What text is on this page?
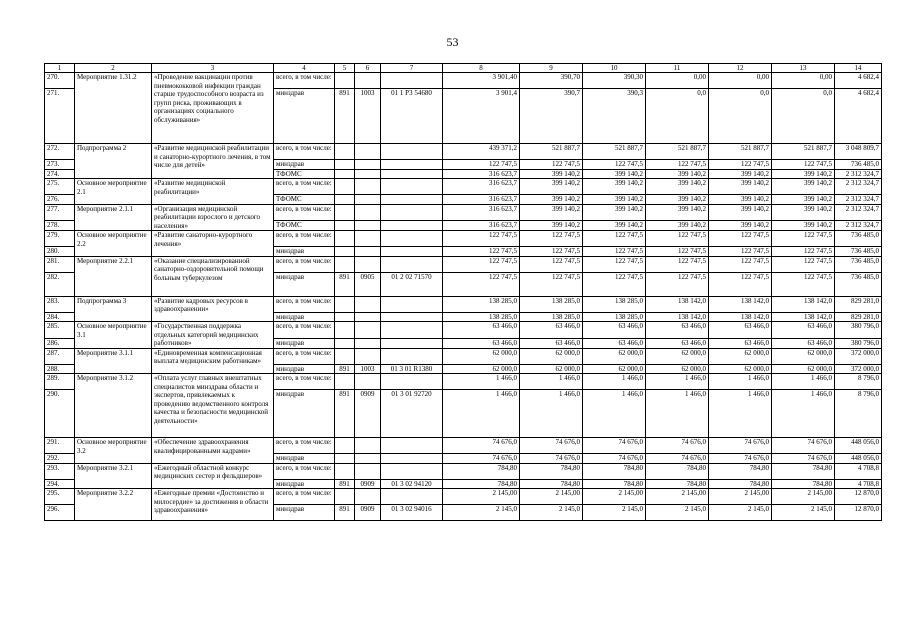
53
1	2	3	4	5	6	7	8	9	10	11	12	13	14
270.	Мероприятие 1.31.2	«Проведение вакцинации против пневмококковой инфекции граждан старше трудоспособного возраста из групп риска, проживающих в организациях социального обслуживания»	всего, в том числе:				3 901,40	390,70	390,30	0,00	0,00	0,00	4 682,4
271.			минздрав	891	1003	01 1 P3 54680	3 901,4	390,7	390,3	0,0	0,0	0,0	4 682,4
272.	Подпрограмма 2	«Развитие медицинской реабилитации и санаторно-курортного лечения, в том числе для детей»	всего, в том числе:				439 371,2	521 887,7	521 887,7	521 887,7	521 887,7	521 887,7	3 048 809,7
273.			минздрав				122 747,5	122 747,5	122 747,5	122 747,5	122 747,5	122 747,5	736 485,0
274.			ТФОМС				316 623,7	399 140,2	399 140,2	399 140,2	399 140,2	399 140,2	2 312 324,7
275.	Основное мероприятие 2.1	«Развитие медицинской реабилитации»	всего, в том числе:				316 623,7	399 140,2	399 140,2	399 140,2	399 140,2	399 140,2	2 312 324,7
276.			ТФОМС				316 623,7	399 140,2	399 140,2	399 140,2	399 140,2	399 140,2	2 312 324,7
277.	Мероприятие 2.1.1	«Организация медицинской реабилитации взрослого и детского населения»	всего, в том числе:				316 623,7	399 140,2	399 140,2	399 140,2	399 140,2	399 140,2	2 312 324,7
278.			ТФОМС				316 623,7	399 140,2	399 140,2	399 140,2	399 140,2	399 140,2	2 312 324,7
279.	Основное мероприятие 2.2	«Развитие санаторно-курортного лечения»	всего, в том числе:				122 747,5	122 747,5	122 747,5	122 747,5	122 747,5	122 747,5	736 485,0
280.			минздрав				122 747,5	122 747,5	122 747,5	122 747,5	122 747,5	122 747,5	736 485,0
281.	Мероприятие 2.2.1	«Оказание специализированной санаторно-оздоровительной помощи больным туберкулезом	всего, в том числе:				122 747,5	122 747,5	122 747,5	122 747,5	122 747,5	122 747,5	736 485,0
282.			минздрав	891	0905	01 2 02 71570	122 747,5	122 747,5	122 747,5	122 747,5	122 747,5	122 747,5	736 485,0
283.	Подпрограмма 3	«Развитие кадровых ресурсов в здравоохранении»	всего, в том числе:				138 285,0	138 285,0	138 285,0	138 142,0	138 142,0	138 142,0	829 281,0
284.			минздрав				138 285,0	138 285,0	138 285,0	138 142,0	138 142,0	138 142,0	829 281,0
285.	Основное мероприятие 3.1	«Государственная поддержка отдельных категорий медицинских работников»	всего, в том числе:				63 466,0	63 466,0	63 466,0	63 466,0	63 466,0	63 466,0	380 796,0
286.			минздрав				63 466,0	63 466,0	63 466,0	63 466,0	63 466,0	63 466,0	380 796,0
287.	Мероприятие 3.1.1	«Единовременная компенсационная выплата медицинским работникам»	всего, в том числе:				62 000,0	62 000,0	62 000,0	62 000,0	62 000,0	62 000,0	372 000,0
288.			минздрав	891	1003	01 3 01 R1380	62 000,0	62 000,0	62 000,0	62 000,0	62 000,0	62 000,0	372 000,0
289.	Мероприятие 3.1.2	«Оплата услуг главных внештатных специалистов минздрава области и экспертов, привлекаемых к проведению ведомственного контроля качества и безопасности медицинской деятельности»	всего, в том числе:				1 466,0	1 466,0	1 466,0	1 466,0	1 466,0	1 466,0	8 796,0
290.			минздрав	891	0909	01 3 01 92720	1 466,0	1 466,0	1 466,0	1 466,0	1 466,0	1 466,0	8 796,0
291.	Основное мероприятие 3.2	«Обеспечение здравоохранения квалифицированными кадрами»	всего, в том числе:				74 676,0	74 676,0	74 676,0	74 676,0	74 676,0	74 676,0	448 056,0
292.			минздрав				74 676,0	74 676,0	74 676,0	74 676,0	74 676,0	74 676,0	448 056,0
293.	Мероприятие 3.2.1	«Ежегодный областной конкурс медицинских сестер и фельдшеров»	всего, в том числе:				784,80	784,80	784,80	784,80	784,80	784,80	4 708,8
294.			минздрав	891	0909	01 3 02 94120	784,80	784,80	784,80	784,80	784,80	784,80	4 708,8
295.	Мероприятие 3.2.2	«Ежегодные премии «Достоинство и милосердие» за достижения в области здравоохранения»	всего, в том числе:				2 145,00	2 145,00	2 145,00	2 145,00	2 145,00	2 145,00	12 870,0
296.			минздрав	891	0909	01 3 02 94016	2 145,0	2 145,0	2 145,0	2 145,0	2 145,0	2 145,0	12 870,0
